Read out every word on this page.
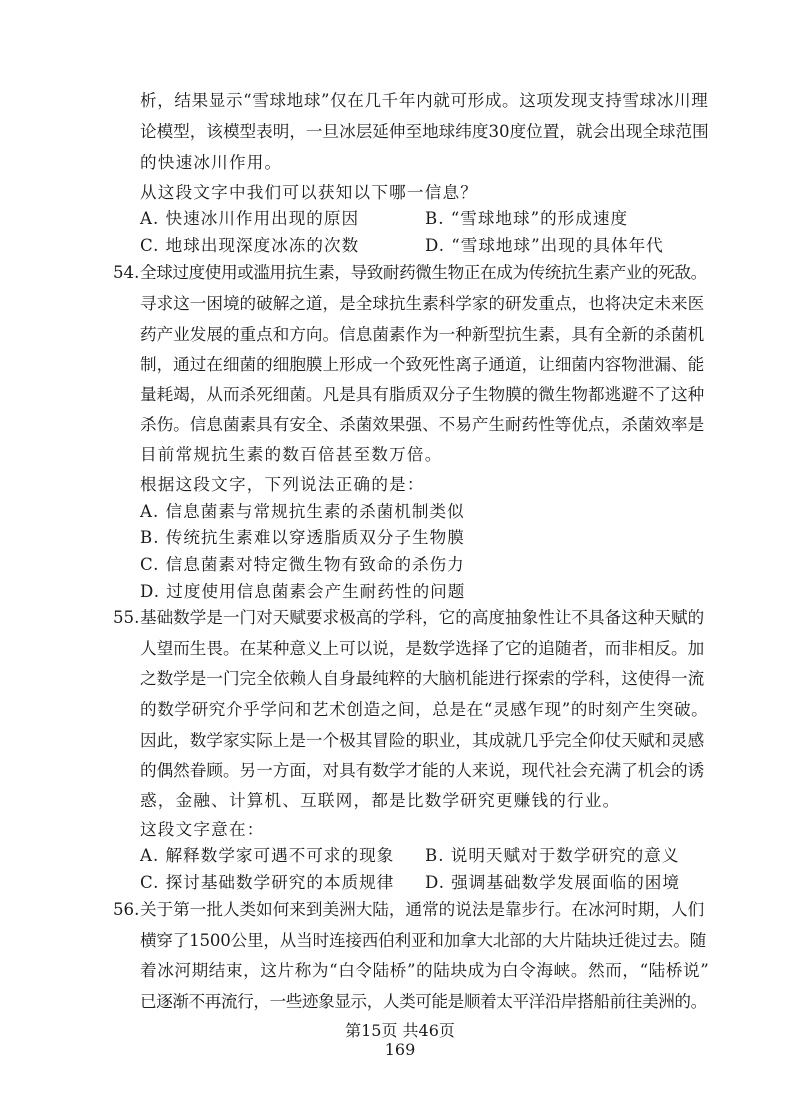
析，结果显示“雪球地球”仅在几千年内就可形成。这项发现支持雪球冰川理
论模型，该模型表明，一旦冰层延伸至地球纬度30度位置，就会出现全球范围
的快速冰川作用。
从这段文字中我们可以获知以下哪一信息？
A. 快速冰川作用出现的原因	B. “雪球地球”的形成速度
C. 地球出现深度冰冻的次数	D. “雪球地球”出现的具体年代
54. 全球过度使用或滥用抗生素，导致耐药微生物正在成为传统抗生素产业的死敌。
寻求这一困境的破解之道，是全球抗生素科学家的研发重点，也将决定未来医
药产业发展的重点和方向。信息菌素作为一种新型抗生素，具有全新的杀菌机
制，通过在细菌的细胞膜上形成一个致死性离子通道，让细菌内容物泄漏、能
量耗竭，从而杀死细菌。凡是具有脂质双分子生物膜的微生物都逃避不了这种
杀伤。信息菌素具有安全、杀菌效果强、不易产生耐药性等优点，杀菌效率是
目前常规抗生素的数百倍甚至数万倍。
根据这段文字，下列说法正确的是：
A. 信息菌素与常规抗生素的杀菌机制类似
B. 传统抗生素难以穿透脂质双分子生物膜
C. 信息菌素对特定微生物有致命的杀伤力
D. 过度使用信息菌素会产生耐药性的问题
55. 基础数学是一门对天赋要求极高的学科，它的高度抽象性让不具备这种天赋的
人望而生畏。在某种意义上可以说，是数学选择了它的追随者，而非相反。加
之数学是一门完全依赖人自身最纯粹的大脑机能进行探索的学科，这使得一流
的数学研究介乎学问和艺术创造之间，总是在“灵感乍现”的时刻产生突破。
因此，数学家实际上是一个极其冒险的职业，其成就几乎完全仰仗天赋和灵感
的偶然眷顾。另一方面，对具有数学才能的人来说，现代社会充满了机会的诱
惑，金融、计算机、互联网，都是比数学研究更赚钱的行业。
这段文字意在：
A. 解释数学家可遇不可求的现象 B. 说明天赋对于数学研究的意义
C. 探讨基础数学研究的本质规律 D. 强调基础数学发展面临的困境
56. 关于第一批人类如何来到美洲大陆，通常的说法是靠步行。在冰河时期，人们
横穿了1500公里，从当时连接西伯利亚和加拿大北部的大片陆块迁徙过去。随
着冰河期结束，这片称为“白令陆桥”的陆块成为白令海峡。然而，“陆桥说”
已逐渐不再流行，一些迹象显示，人类可能是顺着太平洋沿岸搭船前往美洲的。
第15页 共46页
169
